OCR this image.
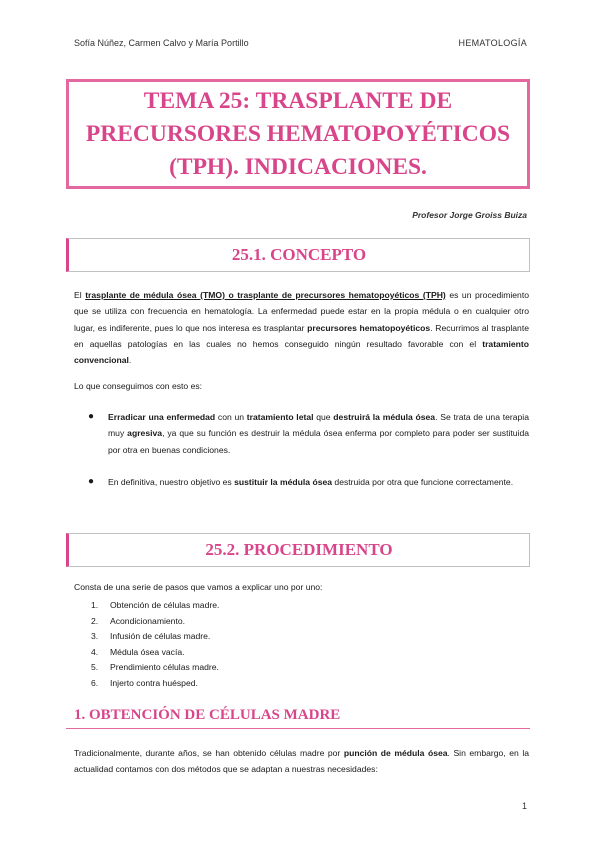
Sofía Núñez, Carmen Calvo y María Portillo	HEMATOLOGÍA
TEMA 25: TRASPLANTE DE
PRECURSORES HEMATOPOYÉTICOS
(TPH). INDICACIONES.
Profesor Jorge Groiss Buiza
25.1. CONCEPTO
El trasplante de médula ósea (TMO) o trasplante de precursores hematopoyéticos (TPH) es un procedimiento que se utiliza con frecuencia en hematología. La enfermedad puede estar en la propia médula o en cualquier otro lugar, es indiferente, pues lo que nos interesa es trasplantar precursores hematopoyéticos. Recurrimos al trasplante en aquellas patologías en las cuales no hemos conseguido ningún resultado favorable con el tratamiento convencional.
Lo que conseguimos con esto es:
● Erradicar una enfermedad con un tratamiento letal que destruirá la médula ósea. Se trata de una terapia muy agresiva, ya que su función es destruir la médula ósea enferma por completo para poder ser sustituida por otra en buenas condiciones.
● En definitiva, nuestro objetivo es sustituir la médula ósea destruida por otra que funcione correctamente.
25.2. PROCEDIMIENTO
Consta de una serie de pasos que vamos a explicar uno por uno:
1. Obtención de células madre.
2. Acondicionamiento.
3. Infusión de células madre.
4. Médula ósea vacía.
5. Prendimiento células madre.
6. Injerto contra huésped.
1. OBTENCIÓN DE CÉLULAS MADRE
Tradicionalmente, durante años, se han obtenido células madre por punción de médula ósea. Sin embargo, en la actualidad contamos con dos métodos que se adaptan a nuestras necesidades:
1
